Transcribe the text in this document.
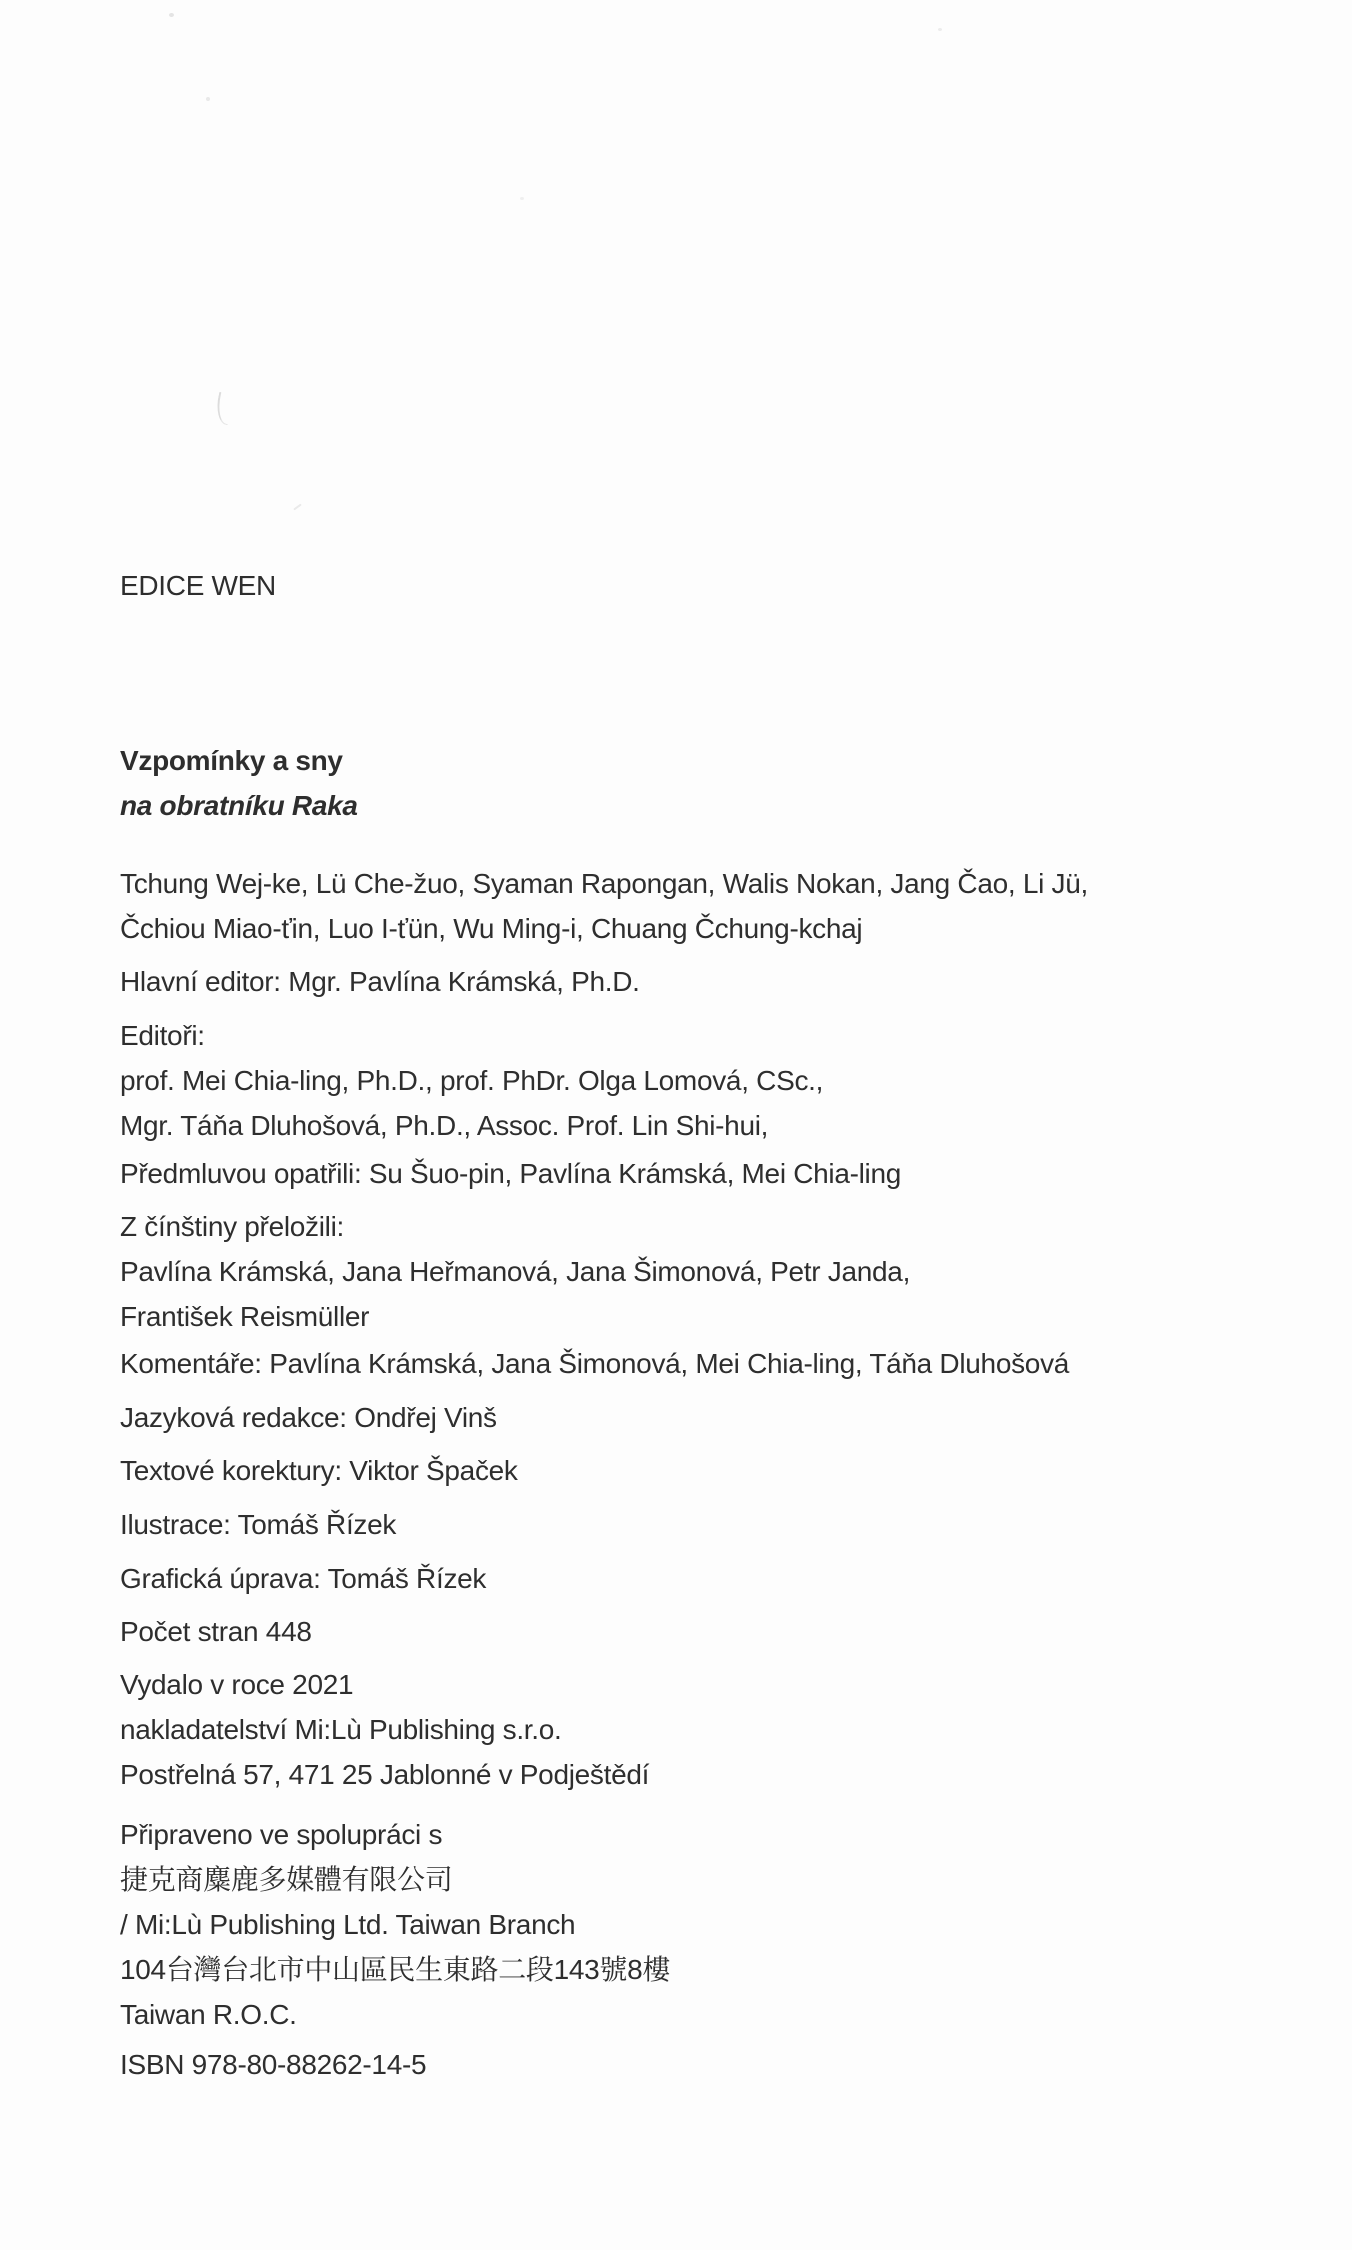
EDICE WEN

Vzpomínky a sny

na obratníku Raka

Tchung Wej-ke, Lü Che-žuo, Syaman Rapongan, Walis Nokan, Jang Čao, Li Jü,

Čchiou Miao-ťin, Luo I-ťün, Wu Ming-i, Chuang Čchung-kchaj

Hlavní editor: Mgr. Pavlína Krámská, Ph.D.

Editoři:

prof. Mei Chia-ling, Ph.D., prof. PhDr. Olga Lomová, CSc.,

Mgr. Táňa Dluhošová, Ph.D., Assoc. Prof. Lin Shi-hui,

Předmluvou opatřili: Su Šuo-pin, Pavlína Krámská, Mei Chia-ling

Z čínštiny přeložili:

Pavlína Krámská, Jana Heřmanová, Jana Šimonová, Petr Janda,

František Reismüller

Komentáře: Pavlína Krámská, Jana Šimonová, Mei Chia-ling, Táňa Dluhošová

Jazyková redakce: Ondřej Vinš

Textové korektury: Viktor Špaček

Ilustrace: Tomáš Řízek

Grafická úprava: Tomáš Řízek

Počet stran 448

Vydalo v roce 2021

nakladatelství Mi:Lù Publishing s.r.o.

Postřelná 57, 471 25 Jablonné v Podještědí

Připraveno ve spolupráci s

捷克商麋鹿多媒體有限公司

/ Mi:Lù Publishing Ltd. Taiwan Branch

104台灣台北市中山區民生東路二段143號8樓

Taiwan R.O.C.

ISBN 978-80-88262-14-5
